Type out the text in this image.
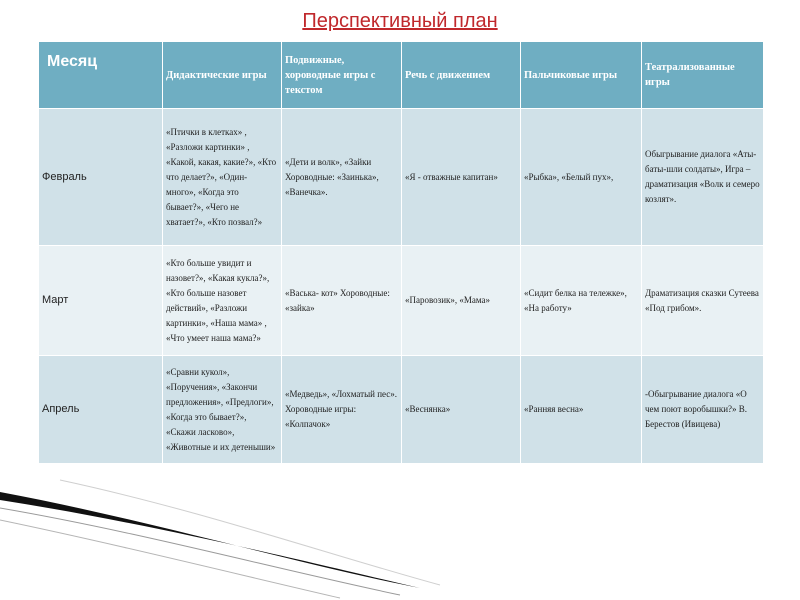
Перспективный план
Месяц	Дидактические игры	Подвижные, хороводные игры с текстом	Речь с движением	Пальчиковые игры	Театрализованные игры
Февраль	«Птички в клетках» , «Разложи картинки» , «Какой, какая, какие?», «Кто что делает?», «Один- много», «Когда это бывает?», «Чего не хватает?», «Кто позвал?»	«Дети и волк», «Зайки Хороводные: «Заинька», «Ванечка».	«Я - отважные капитан»	«Рыбка», «Белый пух»,	Обыгрывание диалога «Аты-баты-шли солдаты», Игра – драматизация «Волк и семеро козлят».
Март	«Кто больше увидит и назовет?», «Какая кукла?», «Кто больше назовет действий», «Разложи картинки», «Наша мама» , «Что умеет наша мама?»	«Васька- кот» Хороводные: «зайка»	«Паровозик», «Мама»	«Сидит белка на тележке», «На работу»	Драматизация сказки Сутеева «Под грибом».
Апрель	«Сравни кукол», «Поручения», «Закончи предложения», «Предлоги», «Когда это бывает?», «Скажи ласково», «Животные и их детеныши»	«Медведь», «Лохматый пес». Хороводные игры: «Колпачок»	«Веснянка»	«Ранняя весна»	-Обыгрывание диалога «О чем поют воробышки?» В. Берестов (Ивицева)
